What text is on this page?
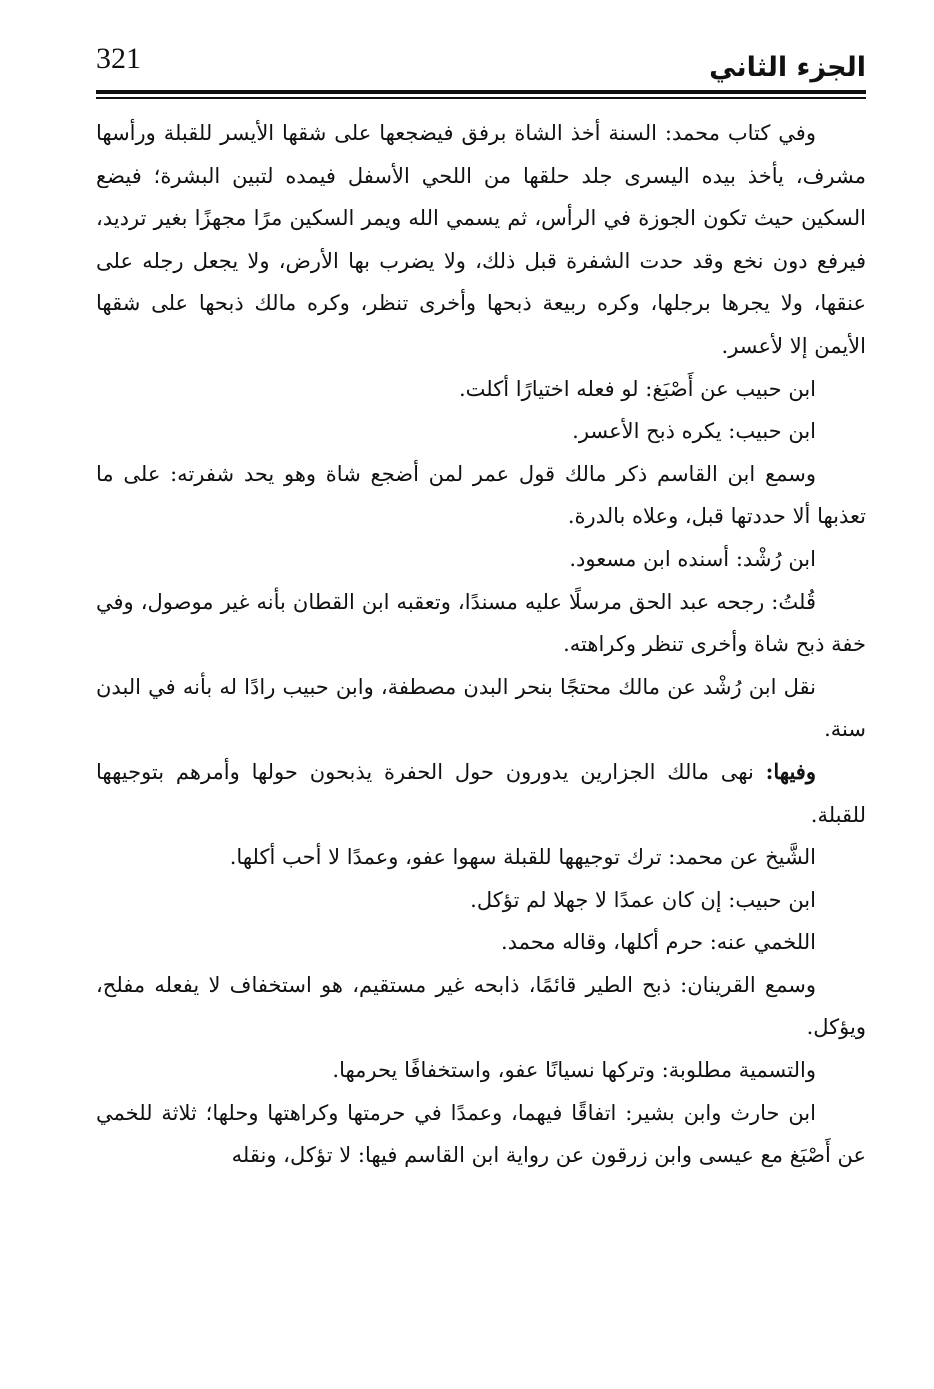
321	الجزء الثاني

وفي كتاب محمد: السنة أخذ الشاة برفق فيضجعها على شقها الأيسر للقبلة ورأسها مشرف، يأخذ بيده اليسرى جلد حلقها من اللحي الأسفل فيمده لتبين البشرة؛ فيضع السكين حيث تكون الجوزة في الرأس، ثم يسمي الله ويمر السكين مرًا مجهزًا بغير ترديد، فيرفع دون نخع وقد حدت الشفرة قبل ذلك، ولا يضرب بها الأرض، ولا يجعل رجله على عنقها، ولا يجرها برجلها، وكره ربيعة ذبحها وأخرى تنظر، وكره مالك ذبحها على شقها الأيمن إلا لأعسر.

ابن حبيب عن أَصْبَغ: لو فعله اختيارًا أكلت.

ابن حبيب: يكره ذبح الأعسر.

وسمع ابن القاسم ذكر مالك قول عمر لمن أضجع شاة وهو يحد شفرته: على ما تعذبها ألا حددتها قبل، وعلاه بالدرة.

ابن رُشْد: أسنده ابن مسعود.

قُلتُ: رجحه عبد الحق مرسلًا عليه مسندًا، وتعقبه ابن القطان بأنه غير موصول، وفي خفة ذبح شاة وأخرى تنظر وكراهته.

نقل ابن رُشْد عن مالك محتجًا بنحر البدن مصطفة، وابن حبيب رادًا له بأنه في البدن سنة.

وفيها: نهى مالك الجزارين يدورون حول الحفرة يذبحون حولها وأمرهم بتوجيهها للقبلة.

الشَّيخ عن محمد: ترك توجيهها للقبلة سهوا عفو، وعمدًا لا أحب أكلها.

ابن حبيب: إن كان عمدًا لا جهلا لم تؤكل.

اللخمي عنه: حرم أكلها، وقاله محمد.

وسمع القرينان: ذبح الطير قائمًا، ذابحه غير مستقيم، هو استخفاف لا يفعله مفلح، ويؤكل.

والتسمية مطلوبة: وتركها نسيانًا عفو، واستخفافًا يحرمها.

ابن حارث وابن بشير: اتفاقًا فيهما، وعمدًا في حرمتها وكراهتها وحلها؛ ثلاثة للخمي عن أَصْبَغ مع عيسى وابن زرقون عن رواية ابن القاسم فيها: لا تؤكل، ونقله
